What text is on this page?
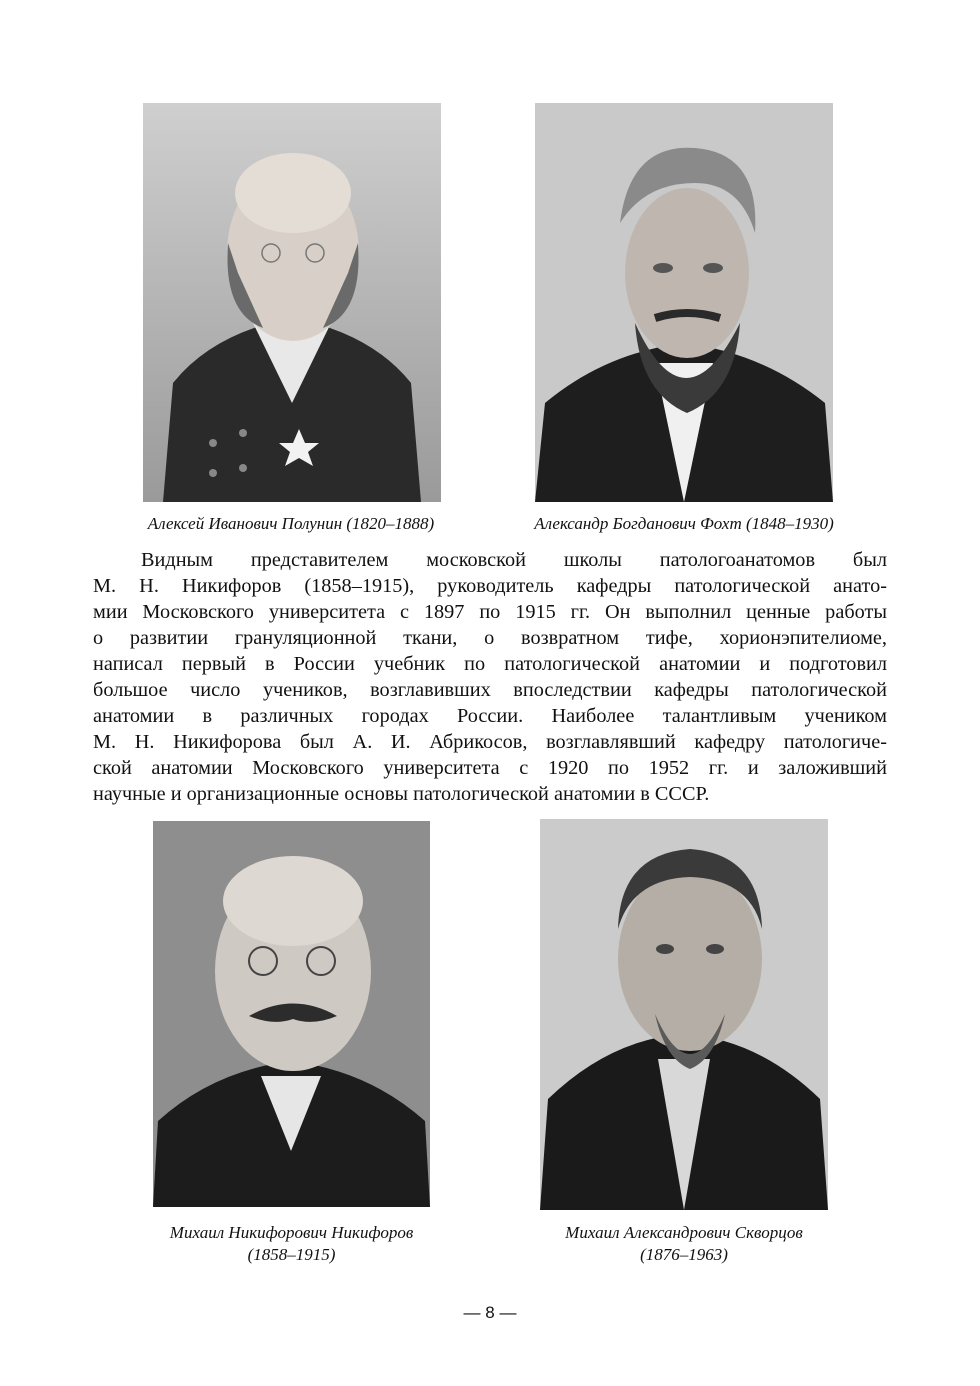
Алексей Иванович Полунин (1820–1888)	Александр Богданович Фохт (1848–1930)
Видным представителем московской школы патологоанатомов был
М. Н. Никифоров (1858–1915), руководитель кафедры патологической анато-
мии Московского университета с 1897 по 1915 гг. Он выполнил ценные работы
о развитии грануляционной ткани, о возвратном тифе, хорионэпителиоме,
написал первый в России учебник по патологической анатомии и подготовил
большое число учеников, возглавивших впоследствии кафедры патологической
анатомии в различных городах России. Наиболее талантливым учеником
М. Н. Никифорова был А. И. Абрикосов, возглавлявший кафедру патологиче-
ской анатомии Московского университета с 1920 по 1952 гг. и заложивший
научные и организационные основы патологической анатомии в СССР.
Михаил Никифорович Никифоров
(1858–1915)
Михаил Александрович Скворцов
(1876–1963)
— 8 —
